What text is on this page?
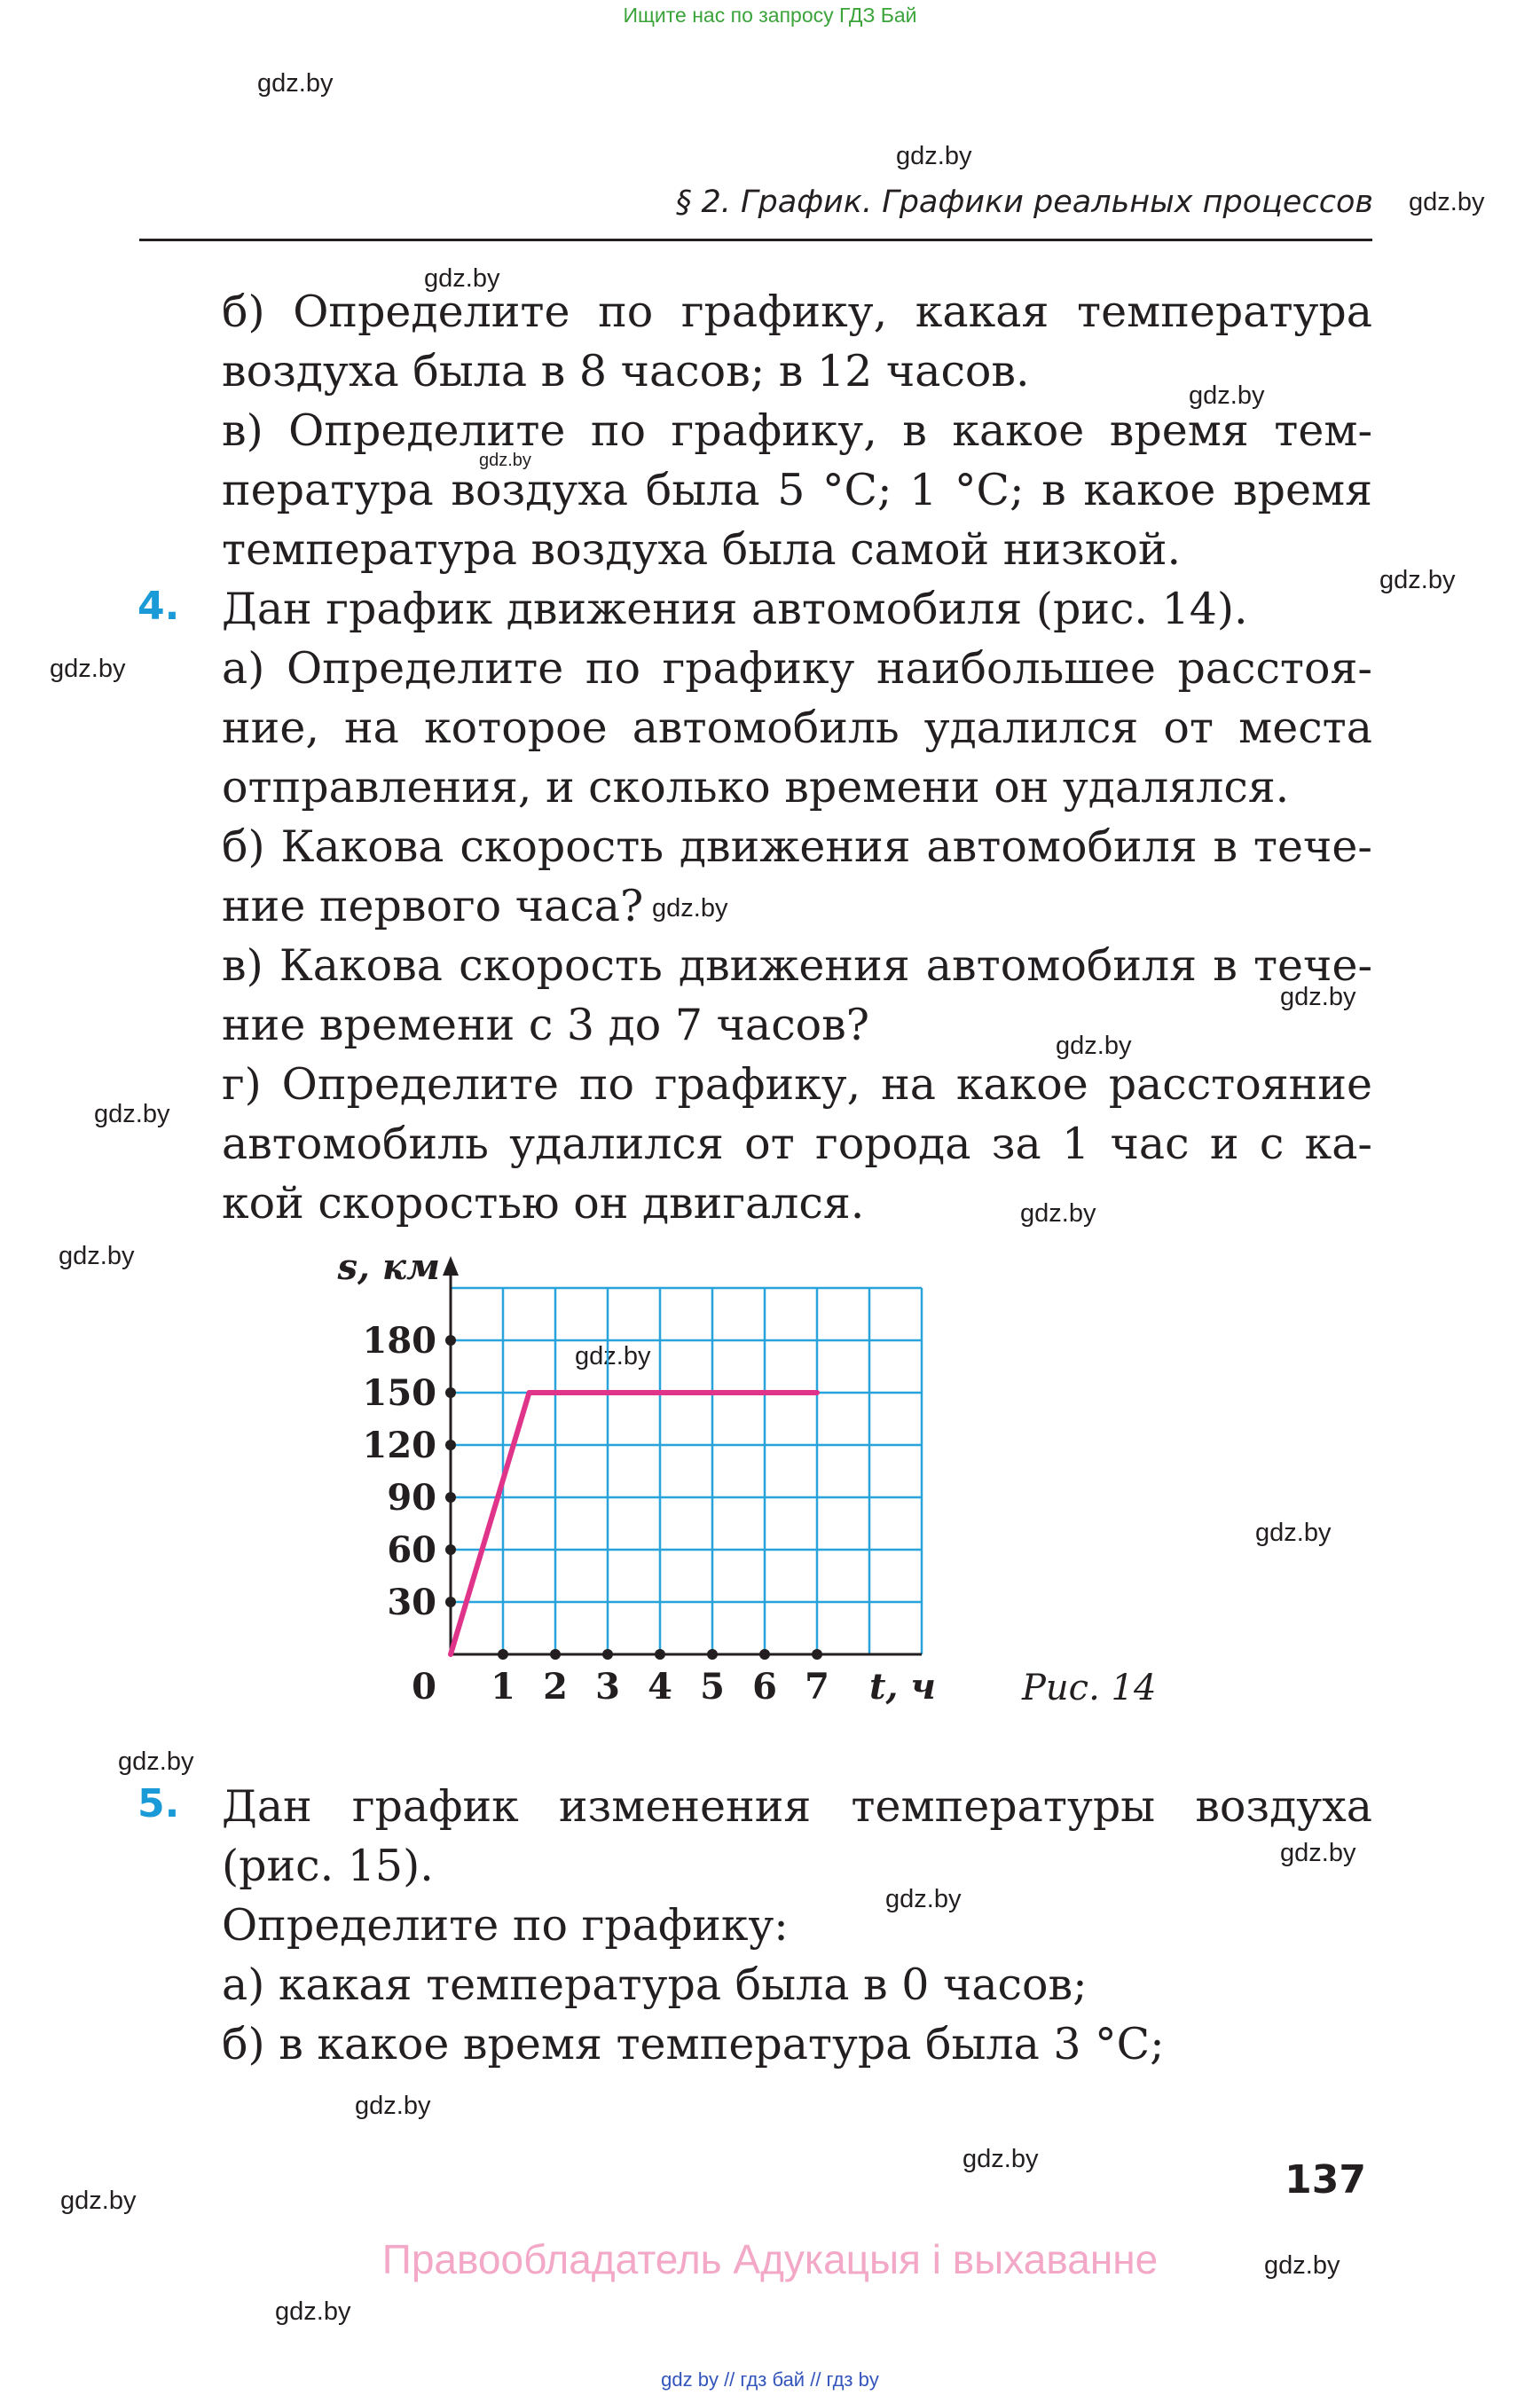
Ищите нас по запросу ГДЗ Бай
gdz.by
gdz.by
gdz.by
gdz.by
gdz.by
gdz.by
gdz.by
gdz.by
gdz.by
gdz.by
gdz.by
gdz.by
gdz.by
gdz.by
gdz.by
gdz.by
gdz.by
gdz.by
gdz.by
gdz.by
gdz.by
gdz.by
gdz.by
gdz.by
§ 2. График. Графики реальных процессов
б) Определите по графику, какая температура
воздуха была в 8 часов; в 12 часов.
в) Определите по графику, в какое время тем-
пература воздуха была 5 °С; 1 °С; в какое время
температура воздуха была самой низкой.
4. Дан график движения автомобиля (рис. 14).
а) Определите по графику наибольшее расстоя-
ние, на которое автомобиль удалился от места
отправления, и сколько времени он удалялся.
б) Какова скорость движения автомобиля в тече-
ние первого часа?
в) Какова скорость движения автомобиля в тече-
ние времени с 3 до 7 часов?
г) Определите по графику, на какое расстояние
автомобиль удалился от города за 1 час и с ка-
кой скоростью он двигался.
30
60
90
120
150
180
1 2 3 4 5 6 7
0
s, км
t, ч Рис. 14
5. Дан график изменения температуры воздуха
(рис. 15).
Определите по графику:
а) какая температура была в 0 часов;
б) в какое время температура была 3 °С;
137
Правообладатель Адукацыя і выхаванне
gdz by // гдз бай // гдз by
